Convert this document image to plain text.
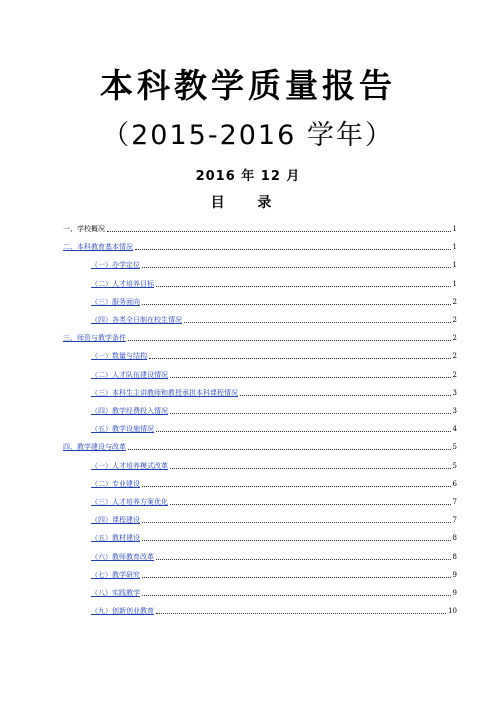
本科教学质量报告
（2015-2016 学年）
2016 年 12 月
目 录
一、学校概况	1
二、本科教育基本情况	1
（一）办学定位	1
（二）人才培养目标	1
（三）服务面向	2
（四）各类全日制在校生情况	2
三、师资与教学条件	2
（一）数量与结构	2
（二）人才队伍建设情况	2
（三）本科生主讲教师和教授承担本科课程情况	3
（四）教学经费投入情况	3
（五）教学设施情况	4
四、教学建设与改革	5
（一）人才培养模式改革	5
（二）专业建设	6
（三）人才培养方案优化	7
（四）课程建设	7
（五）教材建设	8
（六）教师教育改革	8
（七）教学研究	9
（八）实践教学	9
（九）创新创业教育	10
